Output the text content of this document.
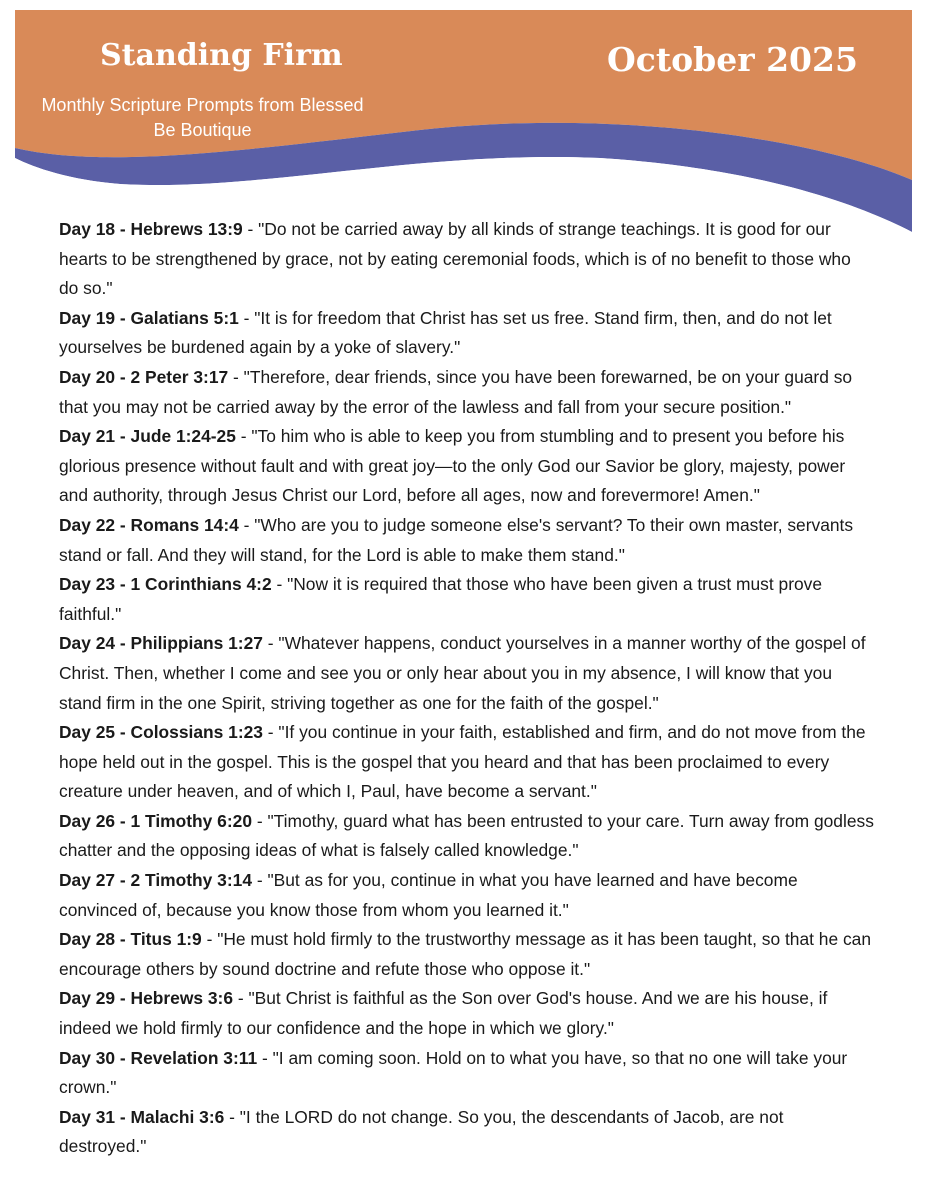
Standing Firm
Monthly Scripture Prompts from Blessed Be Boutique
October 2025

Day 18 - Hebrews 13:9 - "Do not be carried away by all kinds of strange teachings. It is good for our hearts to be strengthened by grace, not by eating ceremonial foods, which is of no benefit to those who do so."

Day 19 - Galatians 5:1 - "It is for freedom that Christ has set us free. Stand firm, then, and do not let yourselves be burdened again by a yoke of slavery."

Day 20 - 2 Peter 3:17 - "Therefore, dear friends, since you have been forewarned, be on your guard so that you may not be carried away by the error of the lawless and fall from your secure position."

Day 21 - Jude 1:24-25 - "To him who is able to keep you from stumbling and to present you before his glorious presence without fault and with great joy—to the only God our Savior be glory, majesty, power and authority, through Jesus Christ our Lord, before all ages, now and forevermore! Amen."

Day 22 - Romans 14:4 - "Who are you to judge someone else's servant? To their own master, servants stand or fall. And they will stand, for the Lord is able to make them stand."

Day 23 - 1 Corinthians 4:2 - "Now it is required that those who have been given a trust must prove faithful."

Day 24 - Philippians 1:27 - "Whatever happens, conduct yourselves in a manner worthy of the gospel of Christ. Then, whether I come and see you or only hear about you in my absence, I will know that you stand firm in the one Spirit, striving together as one for the faith of the gospel."

Day 25 - Colossians 1:23 - "If you continue in your faith, established and firm, and do not move from the hope held out in the gospel. This is the gospel that you heard and that has been proclaimed to every creature under heaven, and of which I, Paul, have become a servant."

Day 26 - 1 Timothy 6:20 - "Timothy, guard what has been entrusted to your care. Turn away from godless chatter and the opposing ideas of what is falsely called knowledge."

Day 27 - 2 Timothy 3:14 - "But as for you, continue in what you have learned and have become convinced of, because you know those from whom you learned it."

Day 28 - Titus 1:9 - "He must hold firmly to the trustworthy message as it has been taught, so that he can encourage others by sound doctrine and refute those who oppose it."

Day 29 - Hebrews 3:6 - "But Christ is faithful as the Son over God's house. And we are his house, if indeed we hold firmly to our confidence and the hope in which we glory."

Day 30 - Revelation 3:11 - "I am coming soon. Hold on to what you have, so that no one will take your crown."

Day 31 - Malachi 3:6 - "I the LORD do not change. So you, the descendants of Jacob, are not destroyed."
